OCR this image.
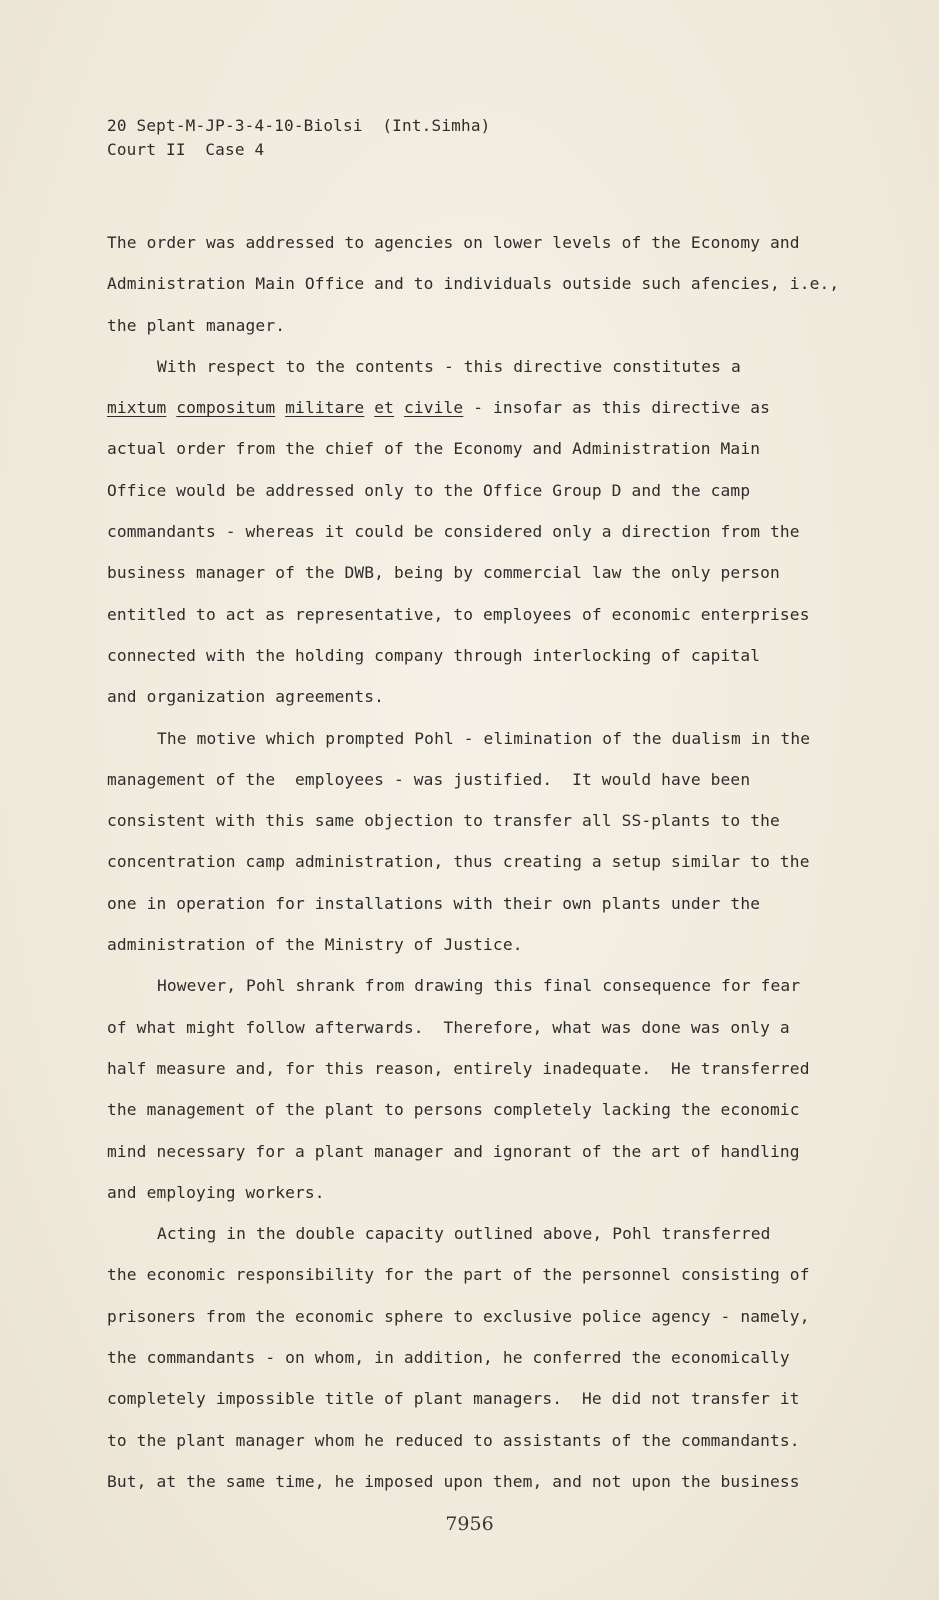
20 Sept-M-JP-3-4-10-Biolsi  (Int.Simha)
Court II  Case 4
The order was addressed to agencies on lower levels of the Economy and
Administration Main Office and to individuals outside such afencies, i.e.,
the plant manager.
With respect to the contents - this directive constitutes a
mixtum compositum militare et civile - insofar as this directive as
actual order from the chief of the Economy and Administration Main
Office would be addressed only to the Office Group D and the camp
commandants - whereas it could be considered only a direction from the
business manager of the DWB, being by commercial law the only person
entitled to act as representative, to employees of economic enterprises
connected with the holding company through interlocking of capital
and organization agreements.
The motive which prompted Pohl - elimination of the dualism in the
management of the  employees - was justified.  It would have been
consistent with this same objection to transfer all SS-plants to the
concentration camp administration, thus creating a setup similar to the
one in operation for installations with their own plants under the
administration of the Ministry of Justice.
However, Pohl shrank from drawing this final consequence for fear
of what might follow afterwards.  Therefore, what was done was only a
half measure and, for this reason, entirely inadequate.  He transferred
the management of the plant to persons completely lacking the economic
mind necessary for a plant manager and ignorant of the art of handling
and employing workers.
Acting in the double capacity outlined above, Pohl transferred
the economic responsibility for the part of the personnel consisting of
prisoners from the economic sphere to exclusive police agency - namely,
the commandants - on whom, in addition, he conferred the economically
completely impossible title of plant managers.  He did not transfer it
to the plant manager whom he reduced to assistants of the commandants.
But, at the same time, he imposed upon them, and not upon the business
7956
